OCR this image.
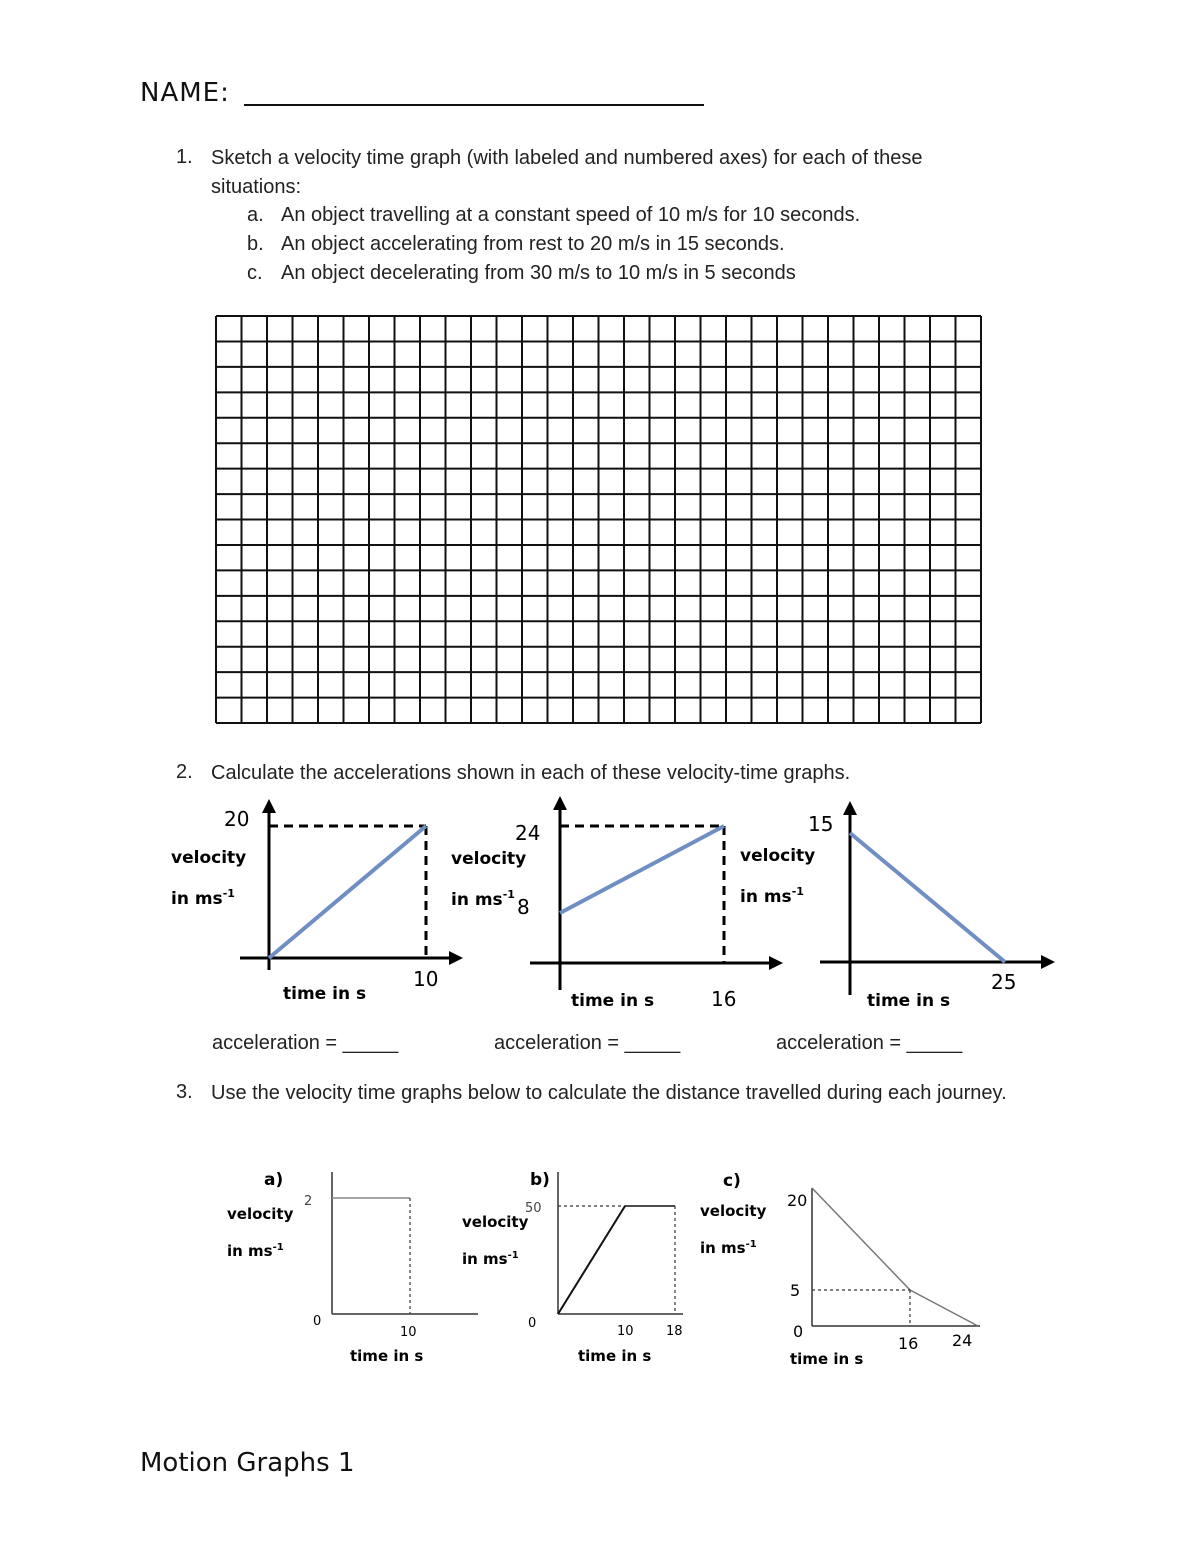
NAME:
1. Sketch a velocity time graph (with labeled and numbered axes) for each of these situations:
a. An object travelling at a constant speed of 10 m/s for 10 seconds.
b. An object accelerating from rest to 20 m/s in 15 seconds.
c. An object decelerating from 30 m/s to 10 m/s in 5 seconds
2. Calculate the accelerations shown in each of these velocity-time graphs.
20
velocity
in $ms^{-1}$
time in s
10
24
8
velocity
in $ms^{-1}$
time in s	16
15
velocity
in $ms^{-1}$
time in s
25
acceleration = _____	acceleration = _____	acceleration = _____
3. Use the velocity time graphs below to calculate the distance travelled during each journey.
a)
velocity
in $ms^{-1}$
2
0
10
time in s
b)
velocity
in $ms^{-1}$
50
0
10 18
time in s
c)
velocity
in $ms^{-1}$
20
5
0
16 24
time in s
Motion Graphs 1
